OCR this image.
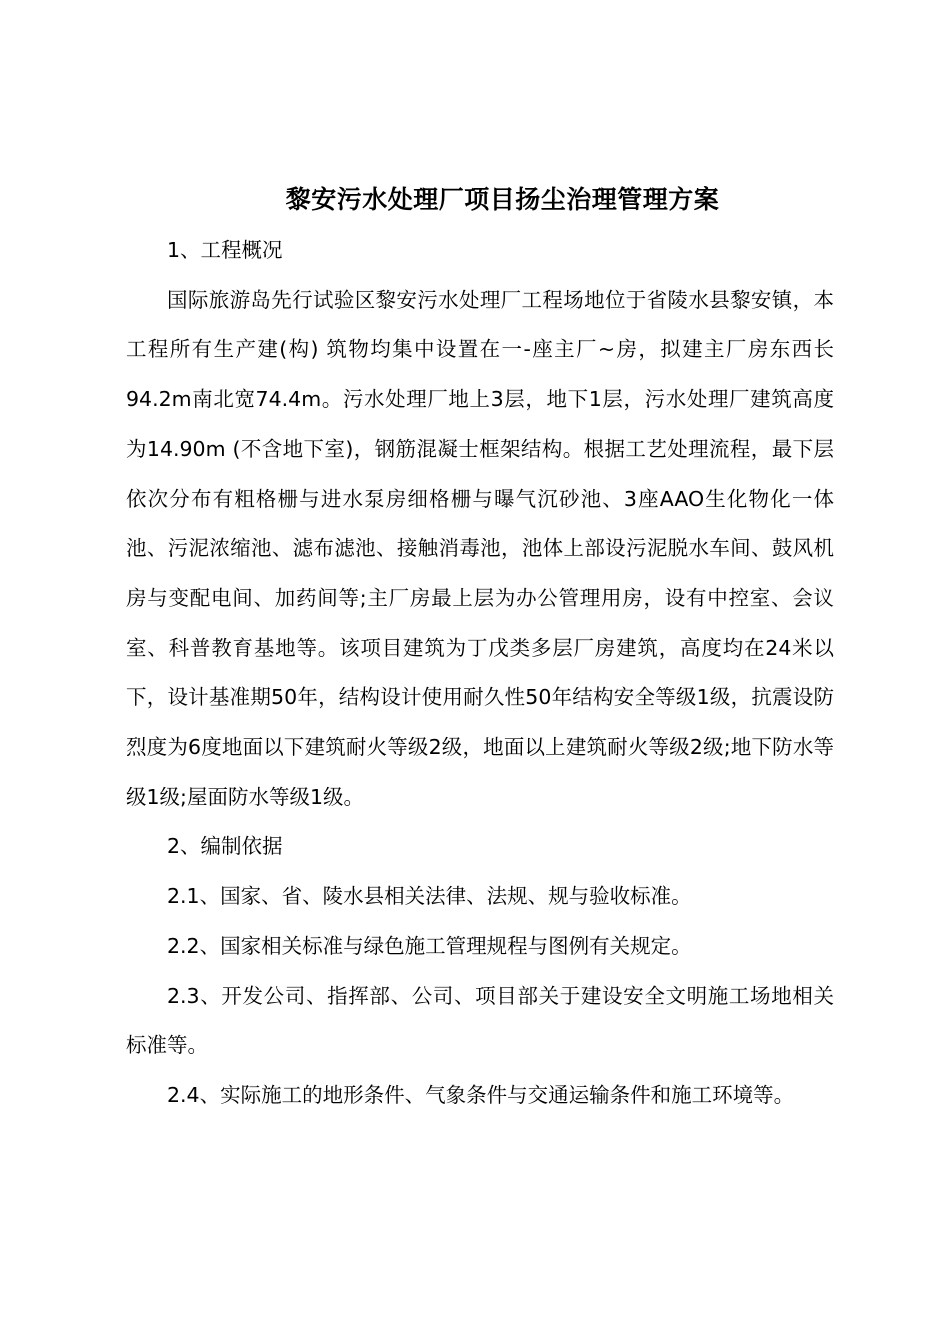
黎安污水处理厂项目扬尘治理管理方案

1、工程概况

国际旅游岛先行试验区黎安污水处理厂工程场地位于省陵水县黎安镇，本工程所有生产建(构) 筑物均集中设置在一-座主厂~房，拟建主厂房东西长94.2m南北宽74.4m。污水处理厂地上3层，地下1层，污水处理厂建筑高度为14.90m (不含地下室)，钢筋混凝士框架结构。根据工艺处理流程，最下层依次分布有粗格栅与进水泵房细格栅与曝气沉砂池、3座AAO生化物化一体池、污泥浓缩池、滤布滤池、接触消毒池，池体上部设污泥脱水车间、鼓风机房与变配电间、加药间等;主厂房最上层为办公管理用房，设有中控室、会议室、科普教育基地等。该项目建筑为丁戊类多层厂房建筑，高度均在24米以下，设计基准期50年，结构设计使用耐久性50年结构安全等级1级，抗震设防烈度为6度地面以下建筑耐火等级2级，地面以上建筑耐火等级2级;地下防水等级1级;屋面防水等级1级。

2、编制依据

2.1、国家、省、陵水县相关法律、法规、规与验收标准。

2.2、国家相关标准与绿色施工管理规程与图例有关规定。

2.3、开发公司、指挥部、公司、项目部关于建设安全文明施工场地相关标准等。

2.4、实际施工的地形条件、气象条件与交通运输条件和施工环境等。
